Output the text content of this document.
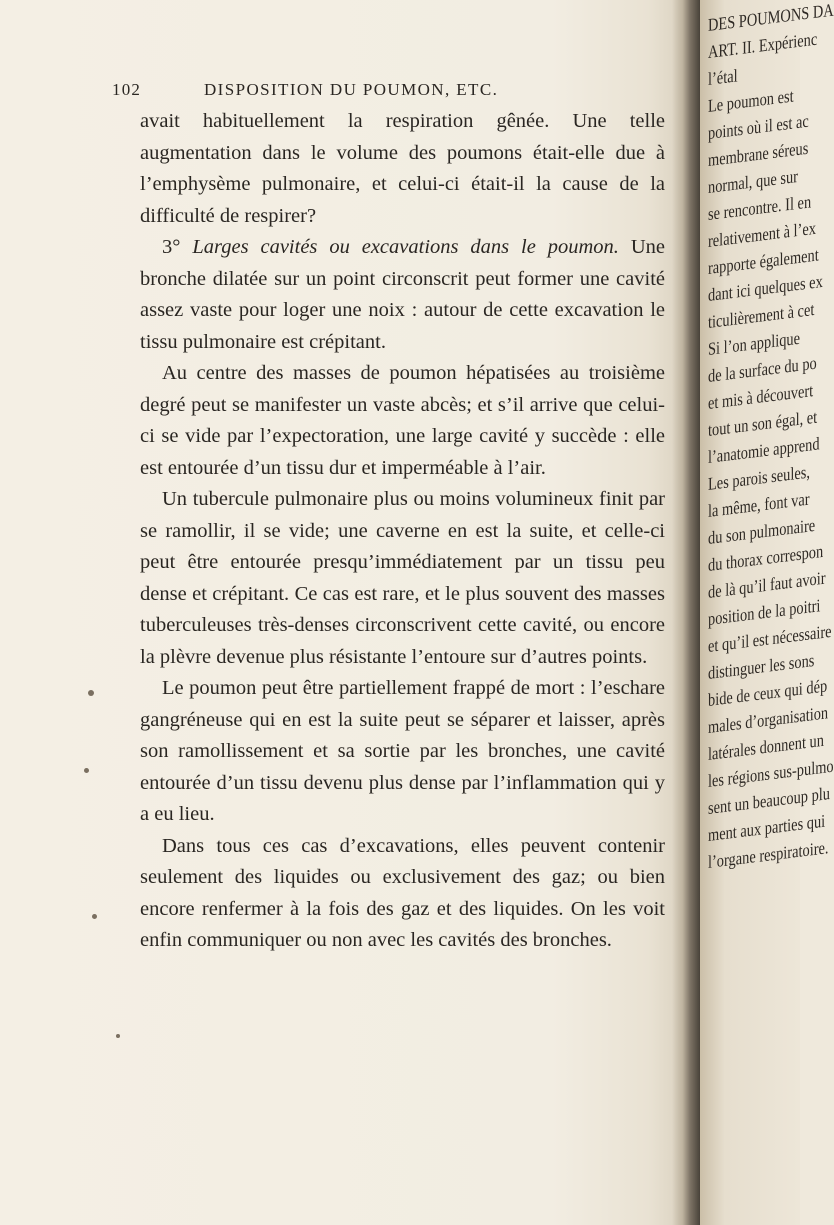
102	DISPOSITION DU POUMON, ETC.

avait habituellement la respiration gênée. Une telle augmentation dans le volume des poumons était-elle due à l’emphysème pulmonaire, et celui-ci était-il la cause de la difficulté de respirer?

3° Larges cavités ou excavations dans le poumon. Une bronche dilatée sur un point circonscrit peut former une cavité assez vaste pour loger une noix : autour de cette excavation le tissu pulmonaire est crépitant.

Au centre des masses de poumon hépatisées au troisième degré peut se manifester un vaste abcès; et s’il arrive que celui-ci se vide par l’expectoration, une large cavité y succède : elle est entourée d’un tissu dur et imperméable à l’air.

Un tubercule pulmonaire plus ou moins volumineux finit par se ramollir, il se vide; une caverne en est la suite, et celle-ci peut être entourée presqu’immédiatement par un tissu peu dense et crépitant. Ce cas est rare, et le plus souvent des masses tuberculeuses très-denses circonscrivent cette cavité, ou encore la plèvre devenue plus résistante l’entoure sur d’autres points.

Le poumon peut être partiellement frappé de mort : l’eschare gangréneuse qui en est la suite peut se séparer et laisser, après son ramollissement et sa sortie par les bronches, une cavité entourée d’un tissu devenu plus dense par l’inflammation qui y a eu lieu.

Dans tous ces cas d’excavations, elles peuvent contenir seulement des liquides ou exclusivement des gaz; ou bien encore renfermer à la fois des gaz et des liquides. On les voit enfin communiquer ou non avec les cavités des bronches.

DES POUMONS DA
ART. II. Expérienc
l’étal
Le poumon est
points où il est ac
membrane séreus
normal, que sur
se rencontre. Il en
relativement à l’ex
rapporte également
dant ici quelques ex
ticulièrement à cet
Si l’on applique
de la surface du po
et mis à découvert
tout un son égal, et
l’anatomie apprend
Les parois seules,
la même, font var
du son pulmonaire
du thorax correspon
de là qu’il faut avoir
position de la poitri
et qu’il est nécessaire
distinguer les sons
bide de ceux qui dép
males d’organisation
latérales donnent un
les régions sus-pulmo
sent un beaucoup plu
ment aux parties qui
l’organe respiratoire.
